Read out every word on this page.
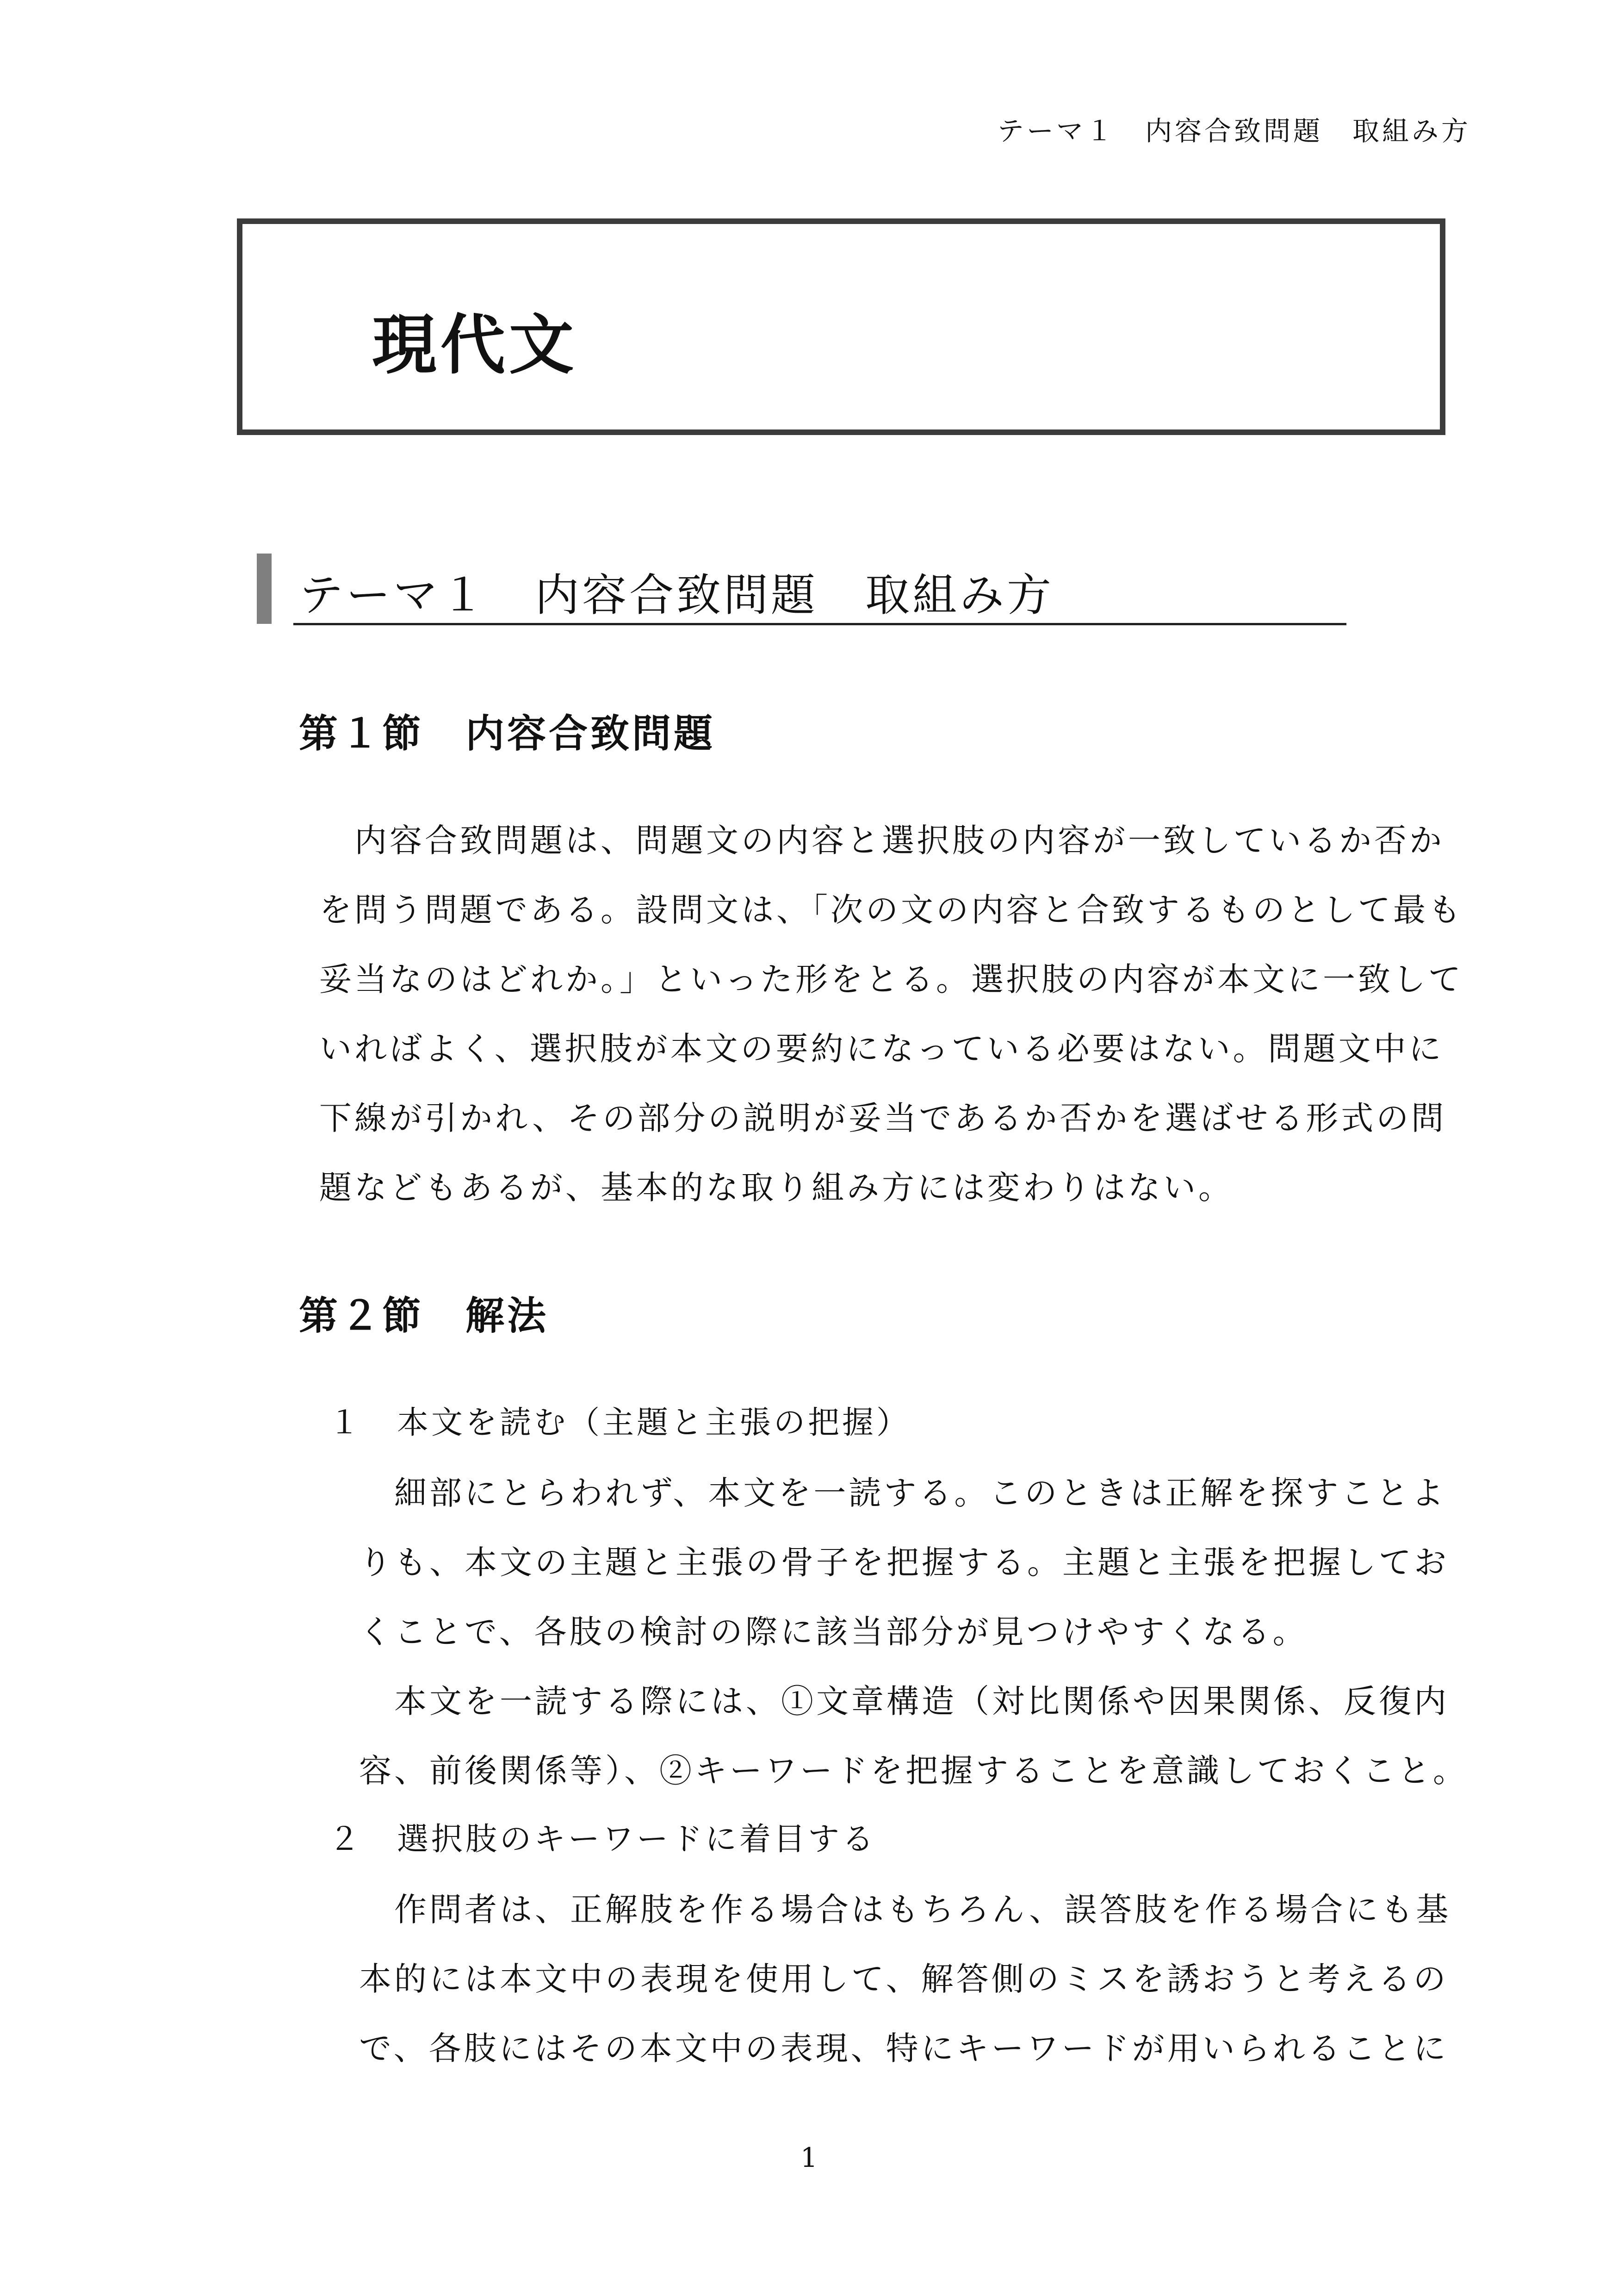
テーマ１　内容合致問題　取組み方
現代文
テーマ１　内容合致問題　取組み方
第１節　内容合致問題
　内容合致問題は、問題文の内容と選択肢の内容が一致しているか否か
を問う問題である。設問文は、「次の文の内容と合致するものとして最も
妥当なのはどれか。」といった形をとる。選択肢の内容が本文に一致して
いればよく、選択肢が本文の要約になっている必要はない。問題文中に
下線が引かれ、その部分の説明が妥当であるか否かを選ばせる形式の問
題などもあるが、基本的な取り組み方には変わりはない。
第２節　解法
１　本文を読む（主題と主張の把握）
　細部にとらわれず、本文を一読する。このときは正解を探すことよ
りも、本文の主題と主張の骨子を把握する。主題と主張を把握してお
くことで、各肢の検討の際に該当部分が見つけやすくなる。
　本文を一読する際には、①文章構造（対比関係や因果関係、反復内
容、前後関係等）、②キーワードを把握することを意識しておくこと。
２　選択肢のキーワードに着目する
　作問者は、正解肢を作る場合はもちろん、誤答肢を作る場合にも基
本的には本文中の表現を使用して、解答側のミスを誘おうと考えるの
で、各肢にはその本文中の表現、特にキーワードが用いられることに
1
